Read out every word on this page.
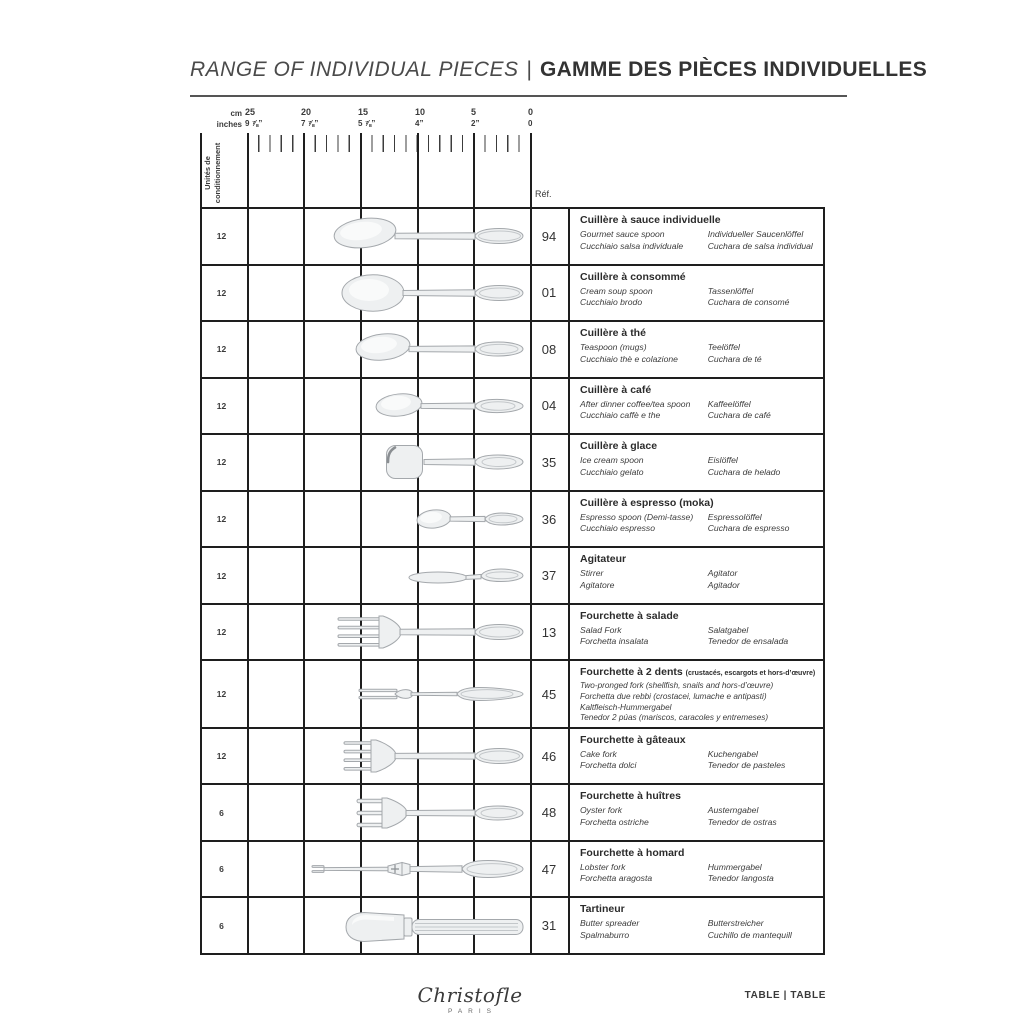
RANGE OF INDIVIDUAL PIECES | GAMME DES PIÈCES INDIVIDUELLES
cm
inches
25
9 ⅞”
20
7 ⅞”
15
5 ⅞”
10
4”
5
2”
0
0
Unités de
conditionnement	Réf.
12	94
Cuillère à sauce individuelle
Gourmet sauce spoon	Individueller Saucenlöffel
Cucchiaio salsa individuale	Cuchara de salsa individual
12	01
Cuillère à consommé
Cream soup spoon	Tassenlöffel
Cucchiaio brodo	Cuchara de consomé
12	08
Cuillère à thé
Teaspoon (mugs)	Teelöffel
Cucchiaio thè e colazione	Cuchara de té
12	04
Cuillère à café
After dinner coffee/tea spoon	Kaffeelöffel
Cucchiaio caffè e the	Cuchara de café
12	35
Cuillère à glace
Ice cream spoon	Eislöffel
Cucchiaio gelato	Cuchara de helado
12	36
Cuillère à espresso (moka)
Espresso spoon (Demi-tasse)	Espressolöffel
Cucchiaio espresso	Cuchara de espresso
12	37
Agitateur
Stirrer	Agitator
Agitatore	Agitador
12	13
Fourchette à salade
Salad Fork	Salatgabel
Forchetta insalata	Tenedor de ensalada
12	45
Fourchette à 2 dents (crustacés, escargots et hors-d’œuvre)
Two-pronged fork (shellfish, snails and hors-d’œuvre)
Forchetta due rebbi (crostacei, lumache e antipasti)
Kaltfleisch-Hummergabel
Tenedor 2 púas (mariscos, caracoles y entremeses)
12	46
Fourchette à gâteaux
Cake fork	Kuchengabel
Forchetta dolci	Tenedor de pasteles
6	48
Fourchette à huîtres
Oyster fork	Austerngabel
Forchetta ostriche	Tenedor de ostras
6	47
Fourchette à homard
Lobster fork	Hummergabel
Forchetta aragosta	Tenedor langosta
6	31
Tartineur
Butter spreader	Butterstreicher
Spalmaburro	Cuchillo de mantequill
Christofle
PARIS
TABLE | TABLE
